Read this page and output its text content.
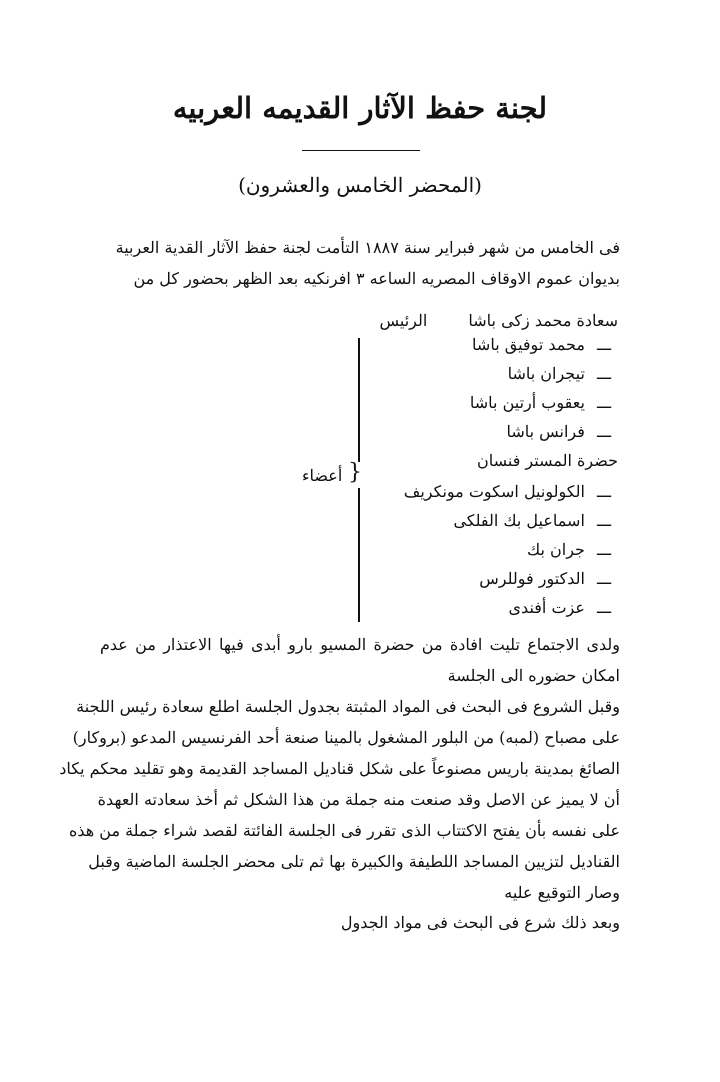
لجنة حفظ الآثار القديمه العربيه
(المحضر الخامس والعشرون)
فى الخامس من شهر فبراير سنة ١٨٨٧ التأمت لجنة حفظ الآثار القدية العربية
بديوان عموم الاوقاف المصريه الساعه ٣ افرنكيه بعد الظهر بحضور كل من
سعادة محمد زكى باشا الرئيس
ـــ محمد توفيق باشا
ـــ تيجران باشا
ـــ يعقوب أرتين باشا
ـــ فرانس باشا
حضرة المستر فنسان
ـــ الكولونيل اسكوت مونكريف
ـــ اسماعيل بك الفلكى
ـــ جران بك
ـــ الدكتور فوللرس
ـــ عزت أفندى
{
أعضاء
ولدى الاجتماع تليت افادة من حضرة المسيو بارو أبدى فيها الاعتذار من عدم
امكان حضوره الى الجلسة
وقبل الشروع فى البحث فى المواد المثبتة بجدول الجلسة اطلع سعادة رئيس اللجنة
على مصباح (لمبه) من البلور المشغول بالمينا صنعة أحد الفرنسيس المدعو (بروكار)
الصائغ بمدينة باريس مصنوعاً على شكل قناديل المساجد القديمة وهو تقليد محكم يكاد
أن لا يميز عن الاصل وقد صنعت منه جملة من هذا الشكل ثم أخذ سعادته العهدة
على نفسه بأن يفتح الاكتتاب الذى تقرر فى الجلسة الفائتة لقصد شراء جملة من هذه
القناديل لتزيين المساجد اللطيفة والكبيرة بها ثم تلى محضر الجلسة الماضية وقبل
وصار التوقيع عليه
وبعد ذلك شرع فى البحث فى مواد الجدول
